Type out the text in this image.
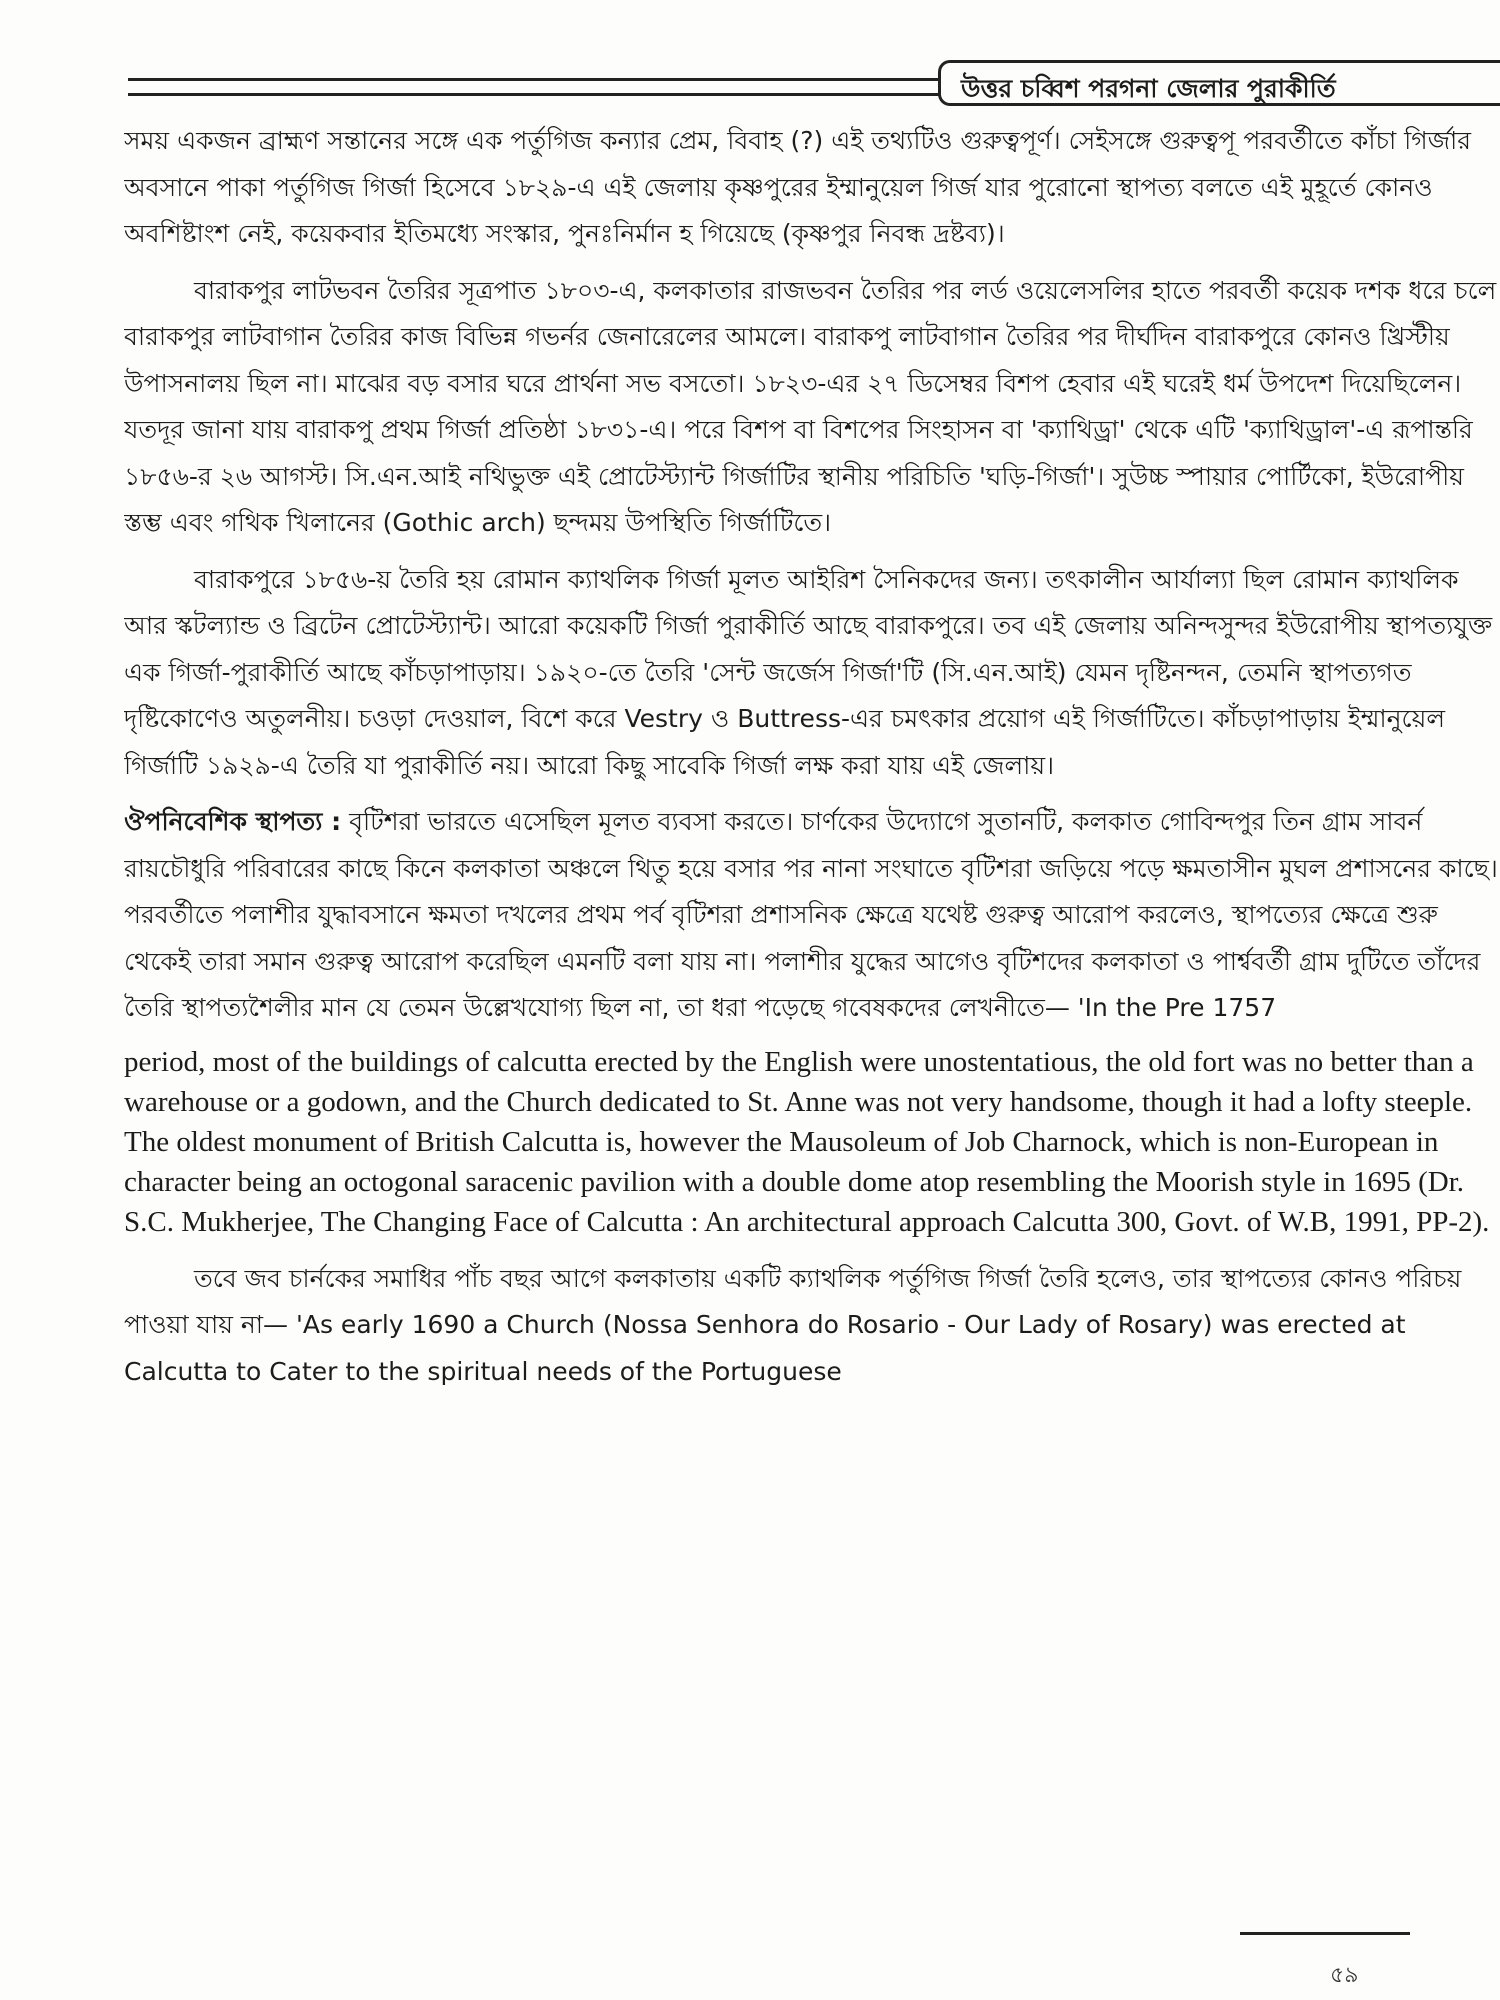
উত্তর চব্বিশ পরগনা জেলার পুরাকীর্তি

সময় একজন ব্রাহ্মণ সন্তানের সঙ্গে এক পর্তুগিজ কন্যার প্রেম, বিবাহ (?) এই তথ্যটিও গুরুত্বপূর্ণ। সেইসঙ্গে গুরুত্বপূ পরবর্তীতে কাঁচা গির্জার অবসানে পাকা পর্তুগিজ গির্জা হিসেবে ১৮২৯-এ এই জেলায় কৃষ্ণপুরের ইম্মানুয়েল গির্জ যার পুরোনো স্থাপত্য বলতে এই মুহূর্তে কোনও অবশিষ্টাংশ নেই, কয়েকবার ইতিমধ্যে সংস্কার, পুনঃনির্মান হ গিয়েছে (কৃষ্ণপুর নিবন্ধ দ্রষ্টব্য)।

বারাকপুর লাটভবন তৈরির সূত্রপাত ১৮০৩-এ, কলকাতার রাজভবন তৈরির পর লর্ড ওয়েলেসলির হাতে পরবর্তী কয়েক দশক ধরে চলে বারাকপুর লাটবাগান তৈরির কাজ বিভিন্ন গভর্নর জেনারেলের আমলে। বারাকপু লাটবাগান তৈরির পর দীর্ঘদিন বারাকপুরে কোনও খ্রিস্টীয় উপাসনালয় ছিল না। মাঝের বড় বসার ঘরে প্রার্থনা সভ বসতো। ১৮২৩-এর ২৭ ডিসেম্বর বিশপ হেবার এই ঘরেই ধর্ম উপদেশ দিয়েছিলেন। যতদূর জানা যায় বারাকপু প্রথম গির্জা প্রতিষ্ঠা ১৮৩১-এ। পরে বিশপ বা বিশপের সিংহাসন বা 'ক্যাথিড্রা' থেকে এটি 'ক্যাথিড্রাল'-এ রূপান্তরি ১৮৫৬-র ২৬ আগস্ট। সি.এন.আই নথিভুক্ত এই প্রোটেস্ট্যান্ট গির্জাটির স্থানীয় পরিচিতি 'ঘড়ি-গির্জা'। সুউচ্চ স্পায়ার পোর্টিকো, ইউরোপীয় স্তম্ভ এবং গথিক খিলানের (Gothic arch) ছন্দময় উপস্থিতি গির্জাটিতে।

বারাকপুরে ১৮৫৬-য় তৈরি হয় রোমান ক্যাথলিক গির্জা মূলত আইরিশ সৈনিকদের জন্য। তৎকালীন আর্যাল্যা ছিল রোমান ক্যাথলিক আর স্কটল্যান্ড ও ব্রিটেন প্রোটেস্ট্যান্ট। আরো কয়েকটি গির্জা পুরাকীর্তি আছে বারাকপুরে। তব এই জেলায় অনিন্দসুন্দর ইউরোপীয় স্থাপত্যযুক্ত এক গির্জা-পুরাকীর্তি আছে কাঁচড়াপাড়ায়। ১৯২০-তে তৈরি 'সেন্ট জর্জেস গির্জা'টি (সি.এন.আই) যেমন দৃষ্টিনন্দন, তেমনি স্থাপত্যগত দৃষ্টিকোণেও অতুলনীয়। চওড়া দেওয়াল, বিশে করে Vestry ও Buttress-এর চমৎকার প্রয়োগ এই গির্জাটিতে। কাঁচড়াপাড়ায় ইম্মানুয়েল গির্জাটি ১৯২৯-এ তৈরি যা পুরাকীর্তি নয়। আরো কিছু সাবেকি গির্জা লক্ষ করা যায় এই জেলায়।

ঔপনিবেশিক স্থাপত্য : বৃটিশরা ভারতে এসেছিল মূলত ব্যবসা করতে। চার্ণকের উদ্যোগে সুতানটি, কলকাত গোবিন্দপুর তিন গ্রাম সাবর্ন রায়চৌধুরি পরিবারের কাছে কিনে কলকাতা অঞ্চলে থিতু হয়ে বসার পর নানা সংঘাতে বৃটিশরা জড়িয়ে পড়ে ক্ষমতাসীন মুঘল প্রশাসনের কাছে। পরবর্তীতে পলাশীর যুদ্ধাবসানে ক্ষমতা দখলের প্রথম পর্ব বৃটিশরা প্রশাসনিক ক্ষেত্রে যথেষ্ট গুরুত্ব আরোপ করলেও, স্থাপত্যের ক্ষেত্রে শুরু থেকেই তারা সমান গুরুত্ব আরোপ করেছিল এমনটি বলা যায় না। পলাশীর যুদ্ধের আগেও বৃটিশদের কলকাতা ও পার্শ্ববর্তী গ্রাম দুটিতে তাঁদের তৈরি স্থাপত্যশৈলীর মান যে তেমন উল্লেখযোগ্য ছিল না, তা ধরা পড়েছে গবেষকদের লেখনীতে— 'In the Pre 1757

period, most of the buildings of calcutta erected by the English were unostentatious, the old fort was no better than a warehouse or a godown, and the Church dedicated to St. Anne was not very handsome, though it had a lofty steeple. The oldest monument of British Calcutta is, however the Mausoleum of Job Charnock, which is non-European in character being an octogonal saracenic pavilion with a double dome atop resembling the Moorish style in 1695 (Dr. S.C. Mukherjee, The Changing Face of Calcutta : An architectural approach Calcutta 300, Govt. of W.B, 1991, PP-2).

তবে জব চার্নকের সমাধির পাঁচ বছর আগে কলকাতায় একটি ক্যাথলিক পর্তুগিজ গির্জা তৈরি হলেও, তার স্থাপত্যের কোনও পরিচয় পাওয়া যায় না— 'As early 1690 a Church (Nossa Senhora do Rosario - Our Lady of Rosary) was erected at Calcutta to Cater to the spiritual needs of the Portuguese

৫৯
